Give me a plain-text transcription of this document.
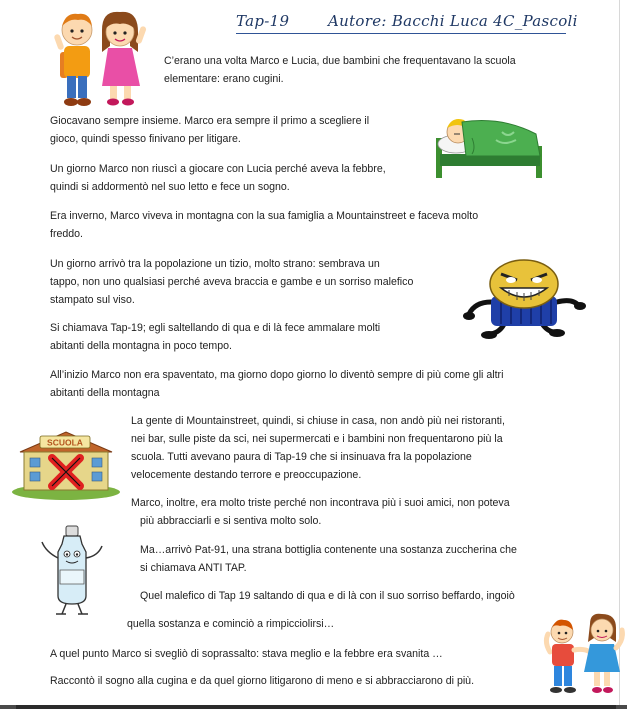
Tap-19	Autore: Bacchi Luca 4C_Pascoli
SCUOLA
C’erano una volta Marco e Lucia, due bambini che frequentavano la scuola
elementare: erano cugini.
Giocavano sempre insieme. Marco era sempre il primo a scegliere il
gioco, quindi spesso finivano per litigare.
Un giorno Marco non riuscì a giocare con Lucia perché aveva la febbre,
quindi si addormentò nel suo letto e fece un sogno.
Era inverno, Marco viveva in montagna con la sua famiglia a Mountainstreet e faceva molto
freddo.
Un giorno arrivò tra la popolazione un tizio, molto strano: sembrava un
tappo, non uno qualsiasi perché aveva braccia e gambe e un sorriso malefico
stampato sul viso.
Si chiamava Tap-19; egli saltellando di qua e di là fece ammalare molti
abitanti della montagna in poco tempo.
All’inizio Marco non era spaventato, ma giorno dopo giorno lo diventò sempre di più come gli altri
abitanti della montagna
La gente di Mountainstreet, quindi, si chiuse in casa, non andò più nei ristoranti,
nei bar, sulle piste da sci, nei supermercati e i bambini non frequentarono più la
scuola. Tutti avevano paura di Tap-19 che si insinuava fra la popolazione
velocemente destando terrore e preoccupazione.
Marco, inoltre, era molto triste perché non incontrava più i suoi amici, non poteva
più abbracciarli e si sentiva molto solo.
Ma…arrivò Pat-91, una strana bottiglia contenente una sostanza zuccherina che
si chiamava ANTI TAP.
Quel malefico di Tap 19 saltando di qua e di là con il suo sorriso beffardo, ingoiò
quella sostanza e cominciò a rimpicciolirsi…
A quel punto Marco si svegliò di soprassalto: stava meglio e la febbre era svanita …
Raccontò il sogno alla cugina e da quel giorno litigarono di meno e si abbracciarono di più.
